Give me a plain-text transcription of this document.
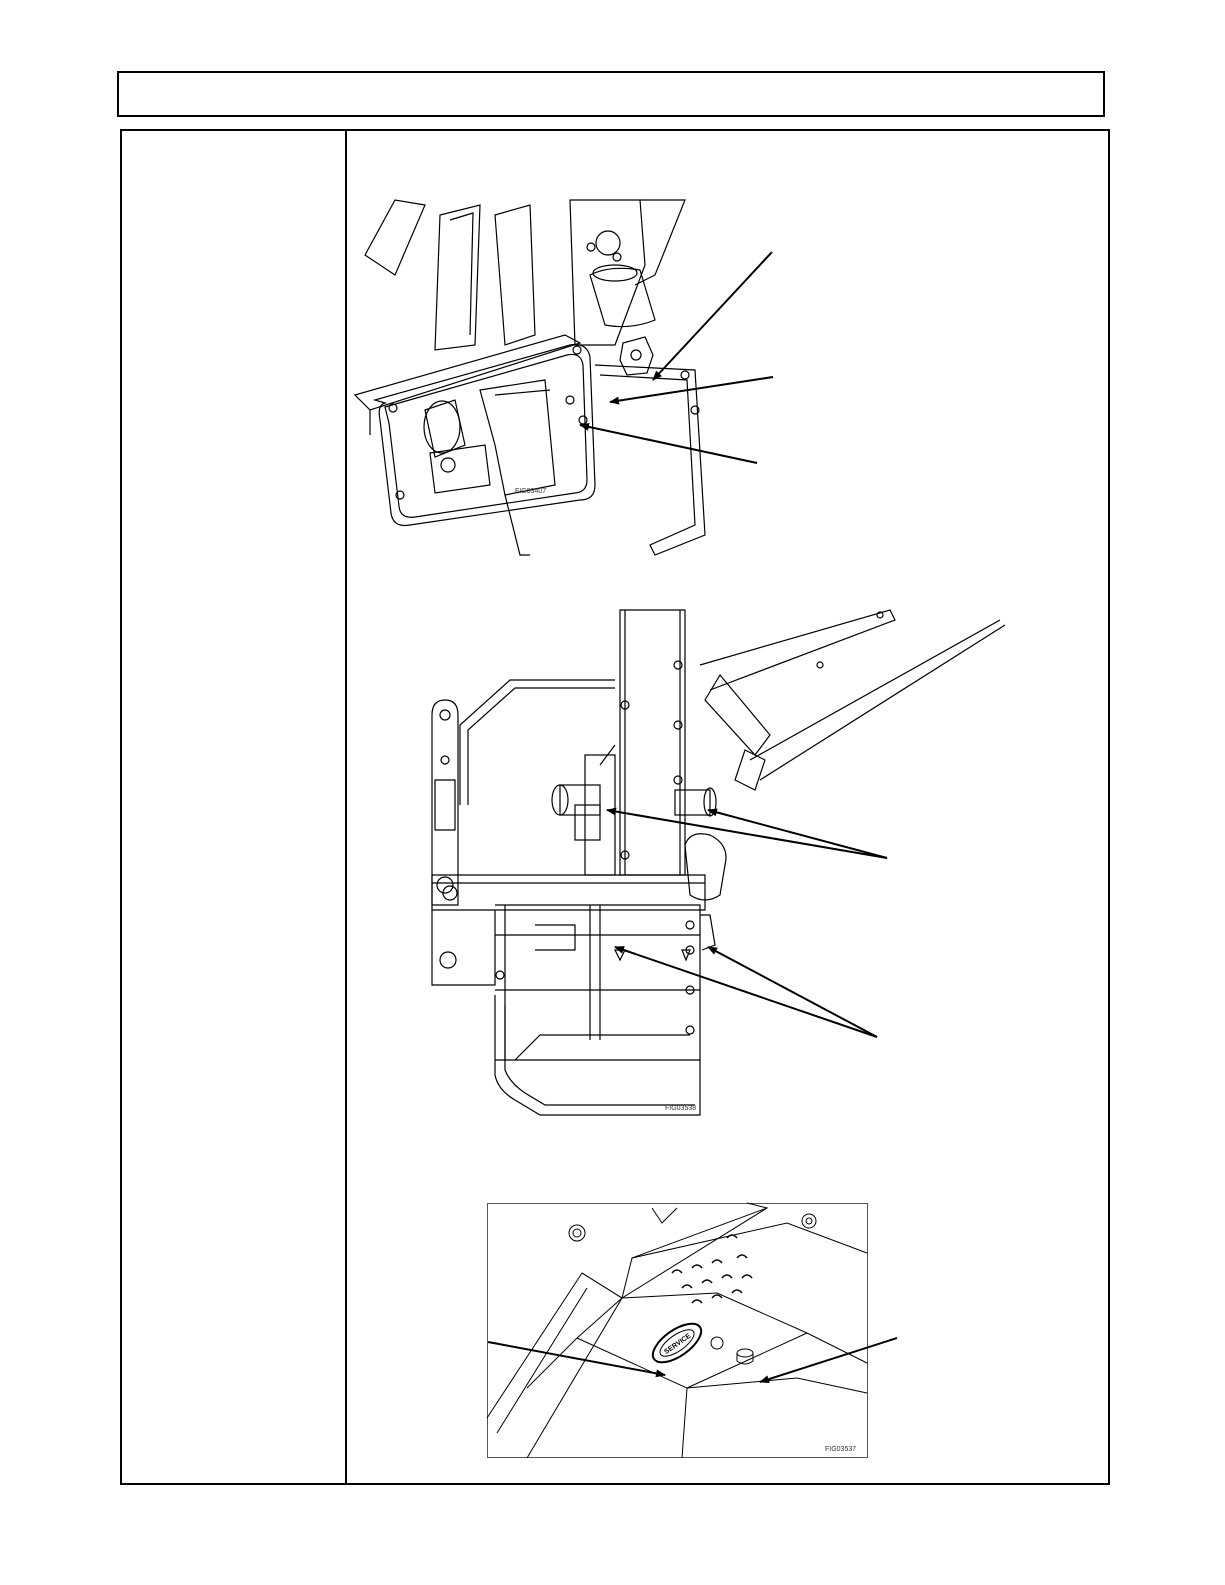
FIG03407
FIG03538
SERVICE
FIG03537
